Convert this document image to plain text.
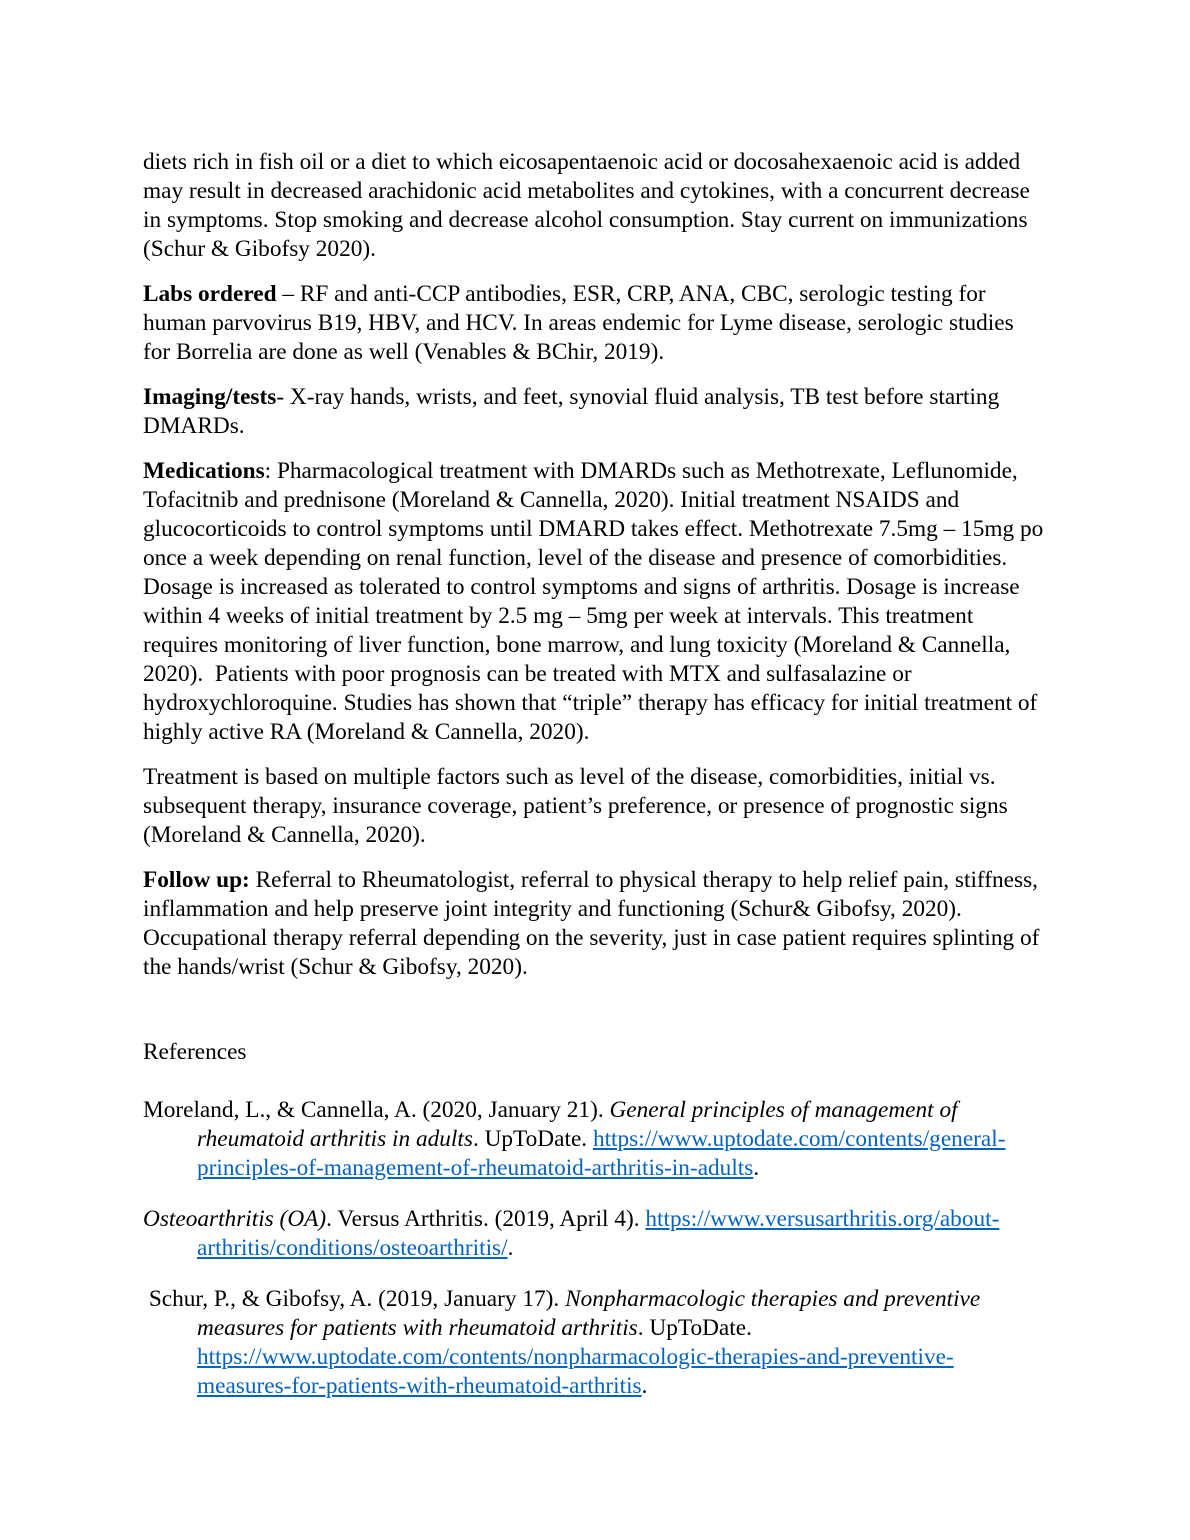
diets rich in fish oil or a diet to which eicosapentaenoic acid or docosahexaenoic acid is added may result in decreased arachidonic acid metabolites and cytokines, with a concurrent decrease in symptoms. Stop smoking and decrease alcohol consumption. Stay current on immunizations (Schur & Gibofsy 2020).

Labs ordered – RF and anti-CCP antibodies, ESR, CRP, ANA, CBC, serologic testing for human parvovirus B19, HBV, and HCV. In areas endemic for Lyme disease, serologic studies for Borrelia are done as well (Venables & BChir, 2019).

Imaging/tests- X-ray hands, wrists, and feet, synovial fluid analysis, TB test before starting DMARDs.

Medications: Pharmacological treatment with DMARDs such as Methotrexate, Leflunomide, Tofacitnib and prednisone (Moreland & Cannella, 2020). Initial treatment NSAIDS and glucocorticoids to control symptoms until DMARD takes effect. Methotrexate 7.5mg – 15mg po once a week depending on renal function, level of the disease and presence of comorbidities. Dosage is increased as tolerated to control symptoms and signs of arthritis. Dosage is increase within 4 weeks of initial treatment by 2.5 mg – 5mg per week at intervals. This treatment requires monitoring of liver function, bone marrow, and lung toxicity (Moreland & Cannella, 2020).  Patients with poor prognosis can be treated with MTX and sulfasalazine or hydroxychloroquine. Studies has shown that “triple” therapy has efficacy for initial treatment of highly active RA (Moreland & Cannella, 2020).

Treatment is based on multiple factors such as level of the disease, comorbidities, initial vs. subsequent therapy, insurance coverage, patient’s preference, or presence of prognostic signs (Moreland & Cannella, 2020).

Follow up: Referral to Rheumatologist, referral to physical therapy to help relief pain, stiffness, inflammation and help preserve joint integrity and functioning (Schur& Gibofsy, 2020). Occupational therapy referral depending on the severity, just in case patient requires splinting of the hands/wrist (Schur & Gibofsy, 2020).

References

Moreland, L., & Cannella, A. (2020, January 21). General principles of management of rheumatoid arthritis in adults. UpToDate. https://www.uptodate.com/contents/general-principles-of-management-of-rheumatoid-arthritis-in-adults.

Osteoarthritis (OA). Versus Arthritis. (2019, April 4). https://www.versusarthritis.org/about-arthritis/conditions/osteoarthritis/.

Schur, P., & Gibofsy, A. (2019, January 17). Nonpharmacologic therapies and preventive measures for patients with rheumatoid arthritis. UpToDate. https://www.uptodate.com/contents/nonpharmacologic-therapies-and-preventive-measures-for-patients-with-rheumatoid-arthritis.
